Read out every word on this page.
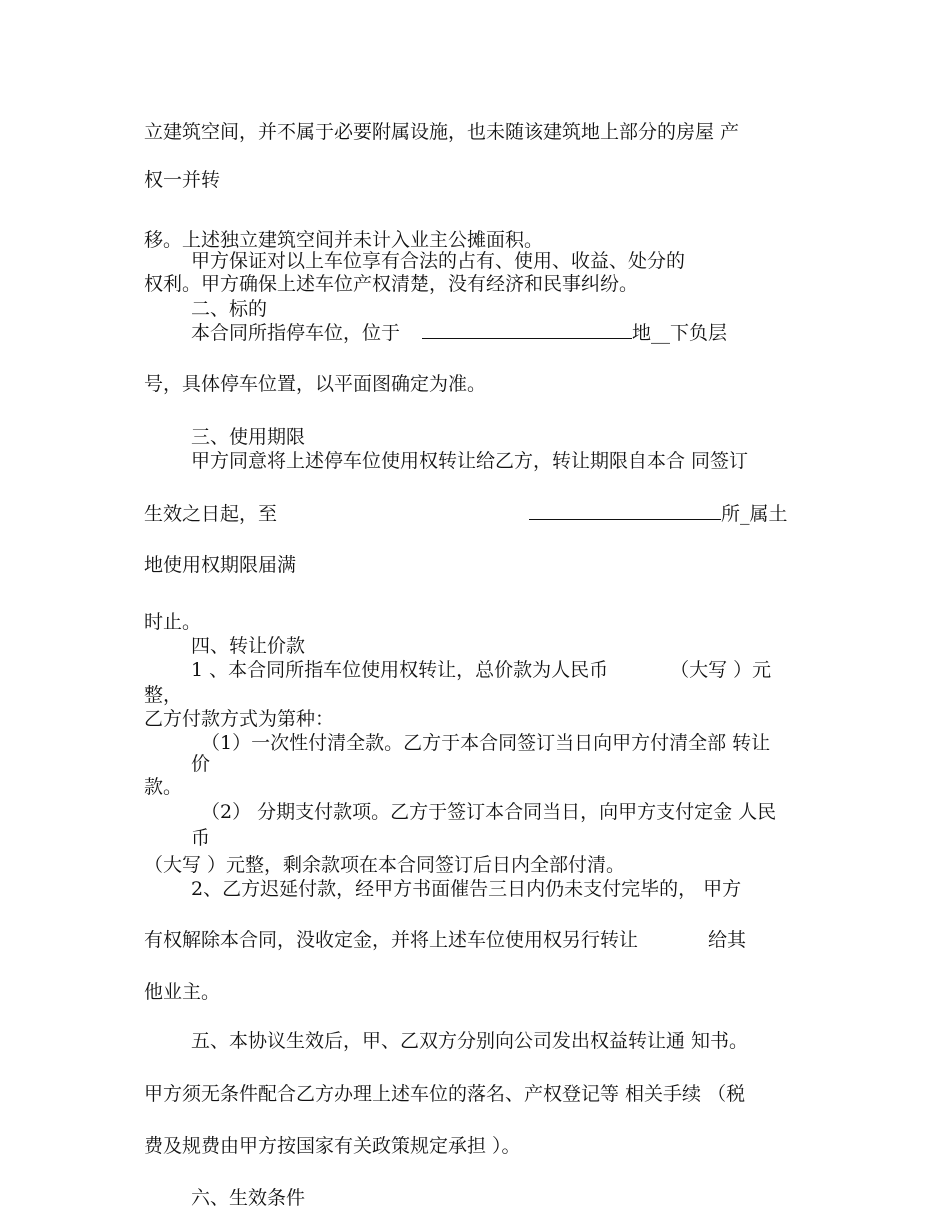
立建筑空间，并不属于必要附属设施，也未随该建筑地上部分的房屋 产
权一并转
移。上述独立建筑空间并未计入业主公摊面积。
甲方保证对以上车位享有合法的占有、使用、收益、处分的
权利。甲方确保上述车位产权清楚，没有经济和民事纠纷。
二、标的
本合同所指停车位，位于	地__下负层
号，具体停车位置，以平面图确定为准。
三、使用期限
甲方同意将上述停车位使用权转让给乙方，转让期限自本合 同签订
生效之日起，至	所_属土
地使用权期限届满
时止。
四、转让价款
1 、本合同所指车位使用权转让，总价款为人民币	（大写 ）元
整，
乙方付款方式为第种：
（1）一次性付清全款。乙方于本合同签订当日向甲方付清全部 转让
价
款。
（2） 分期支付款项。乙方于签订本合同当日，向甲方支付定金 人民
币
（大写 ）元整，剩余款项在本合同签订后日内全部付清。
2、乙方迟延付款，经甲方书面催告三日内仍未支付完毕的， 甲方
有权解除本合同，没收定金，并将上述车位使用权另行转让	给其
他业主。
五、本协议生效后，甲、乙双方分别向公司发出权益转让通 知书。
甲方须无条件配合乙方办理上述车位的落名、产权登记等 相关手续 （税
费及规费由甲方按国家有关政策规定承担 ）。
六、生效条件
